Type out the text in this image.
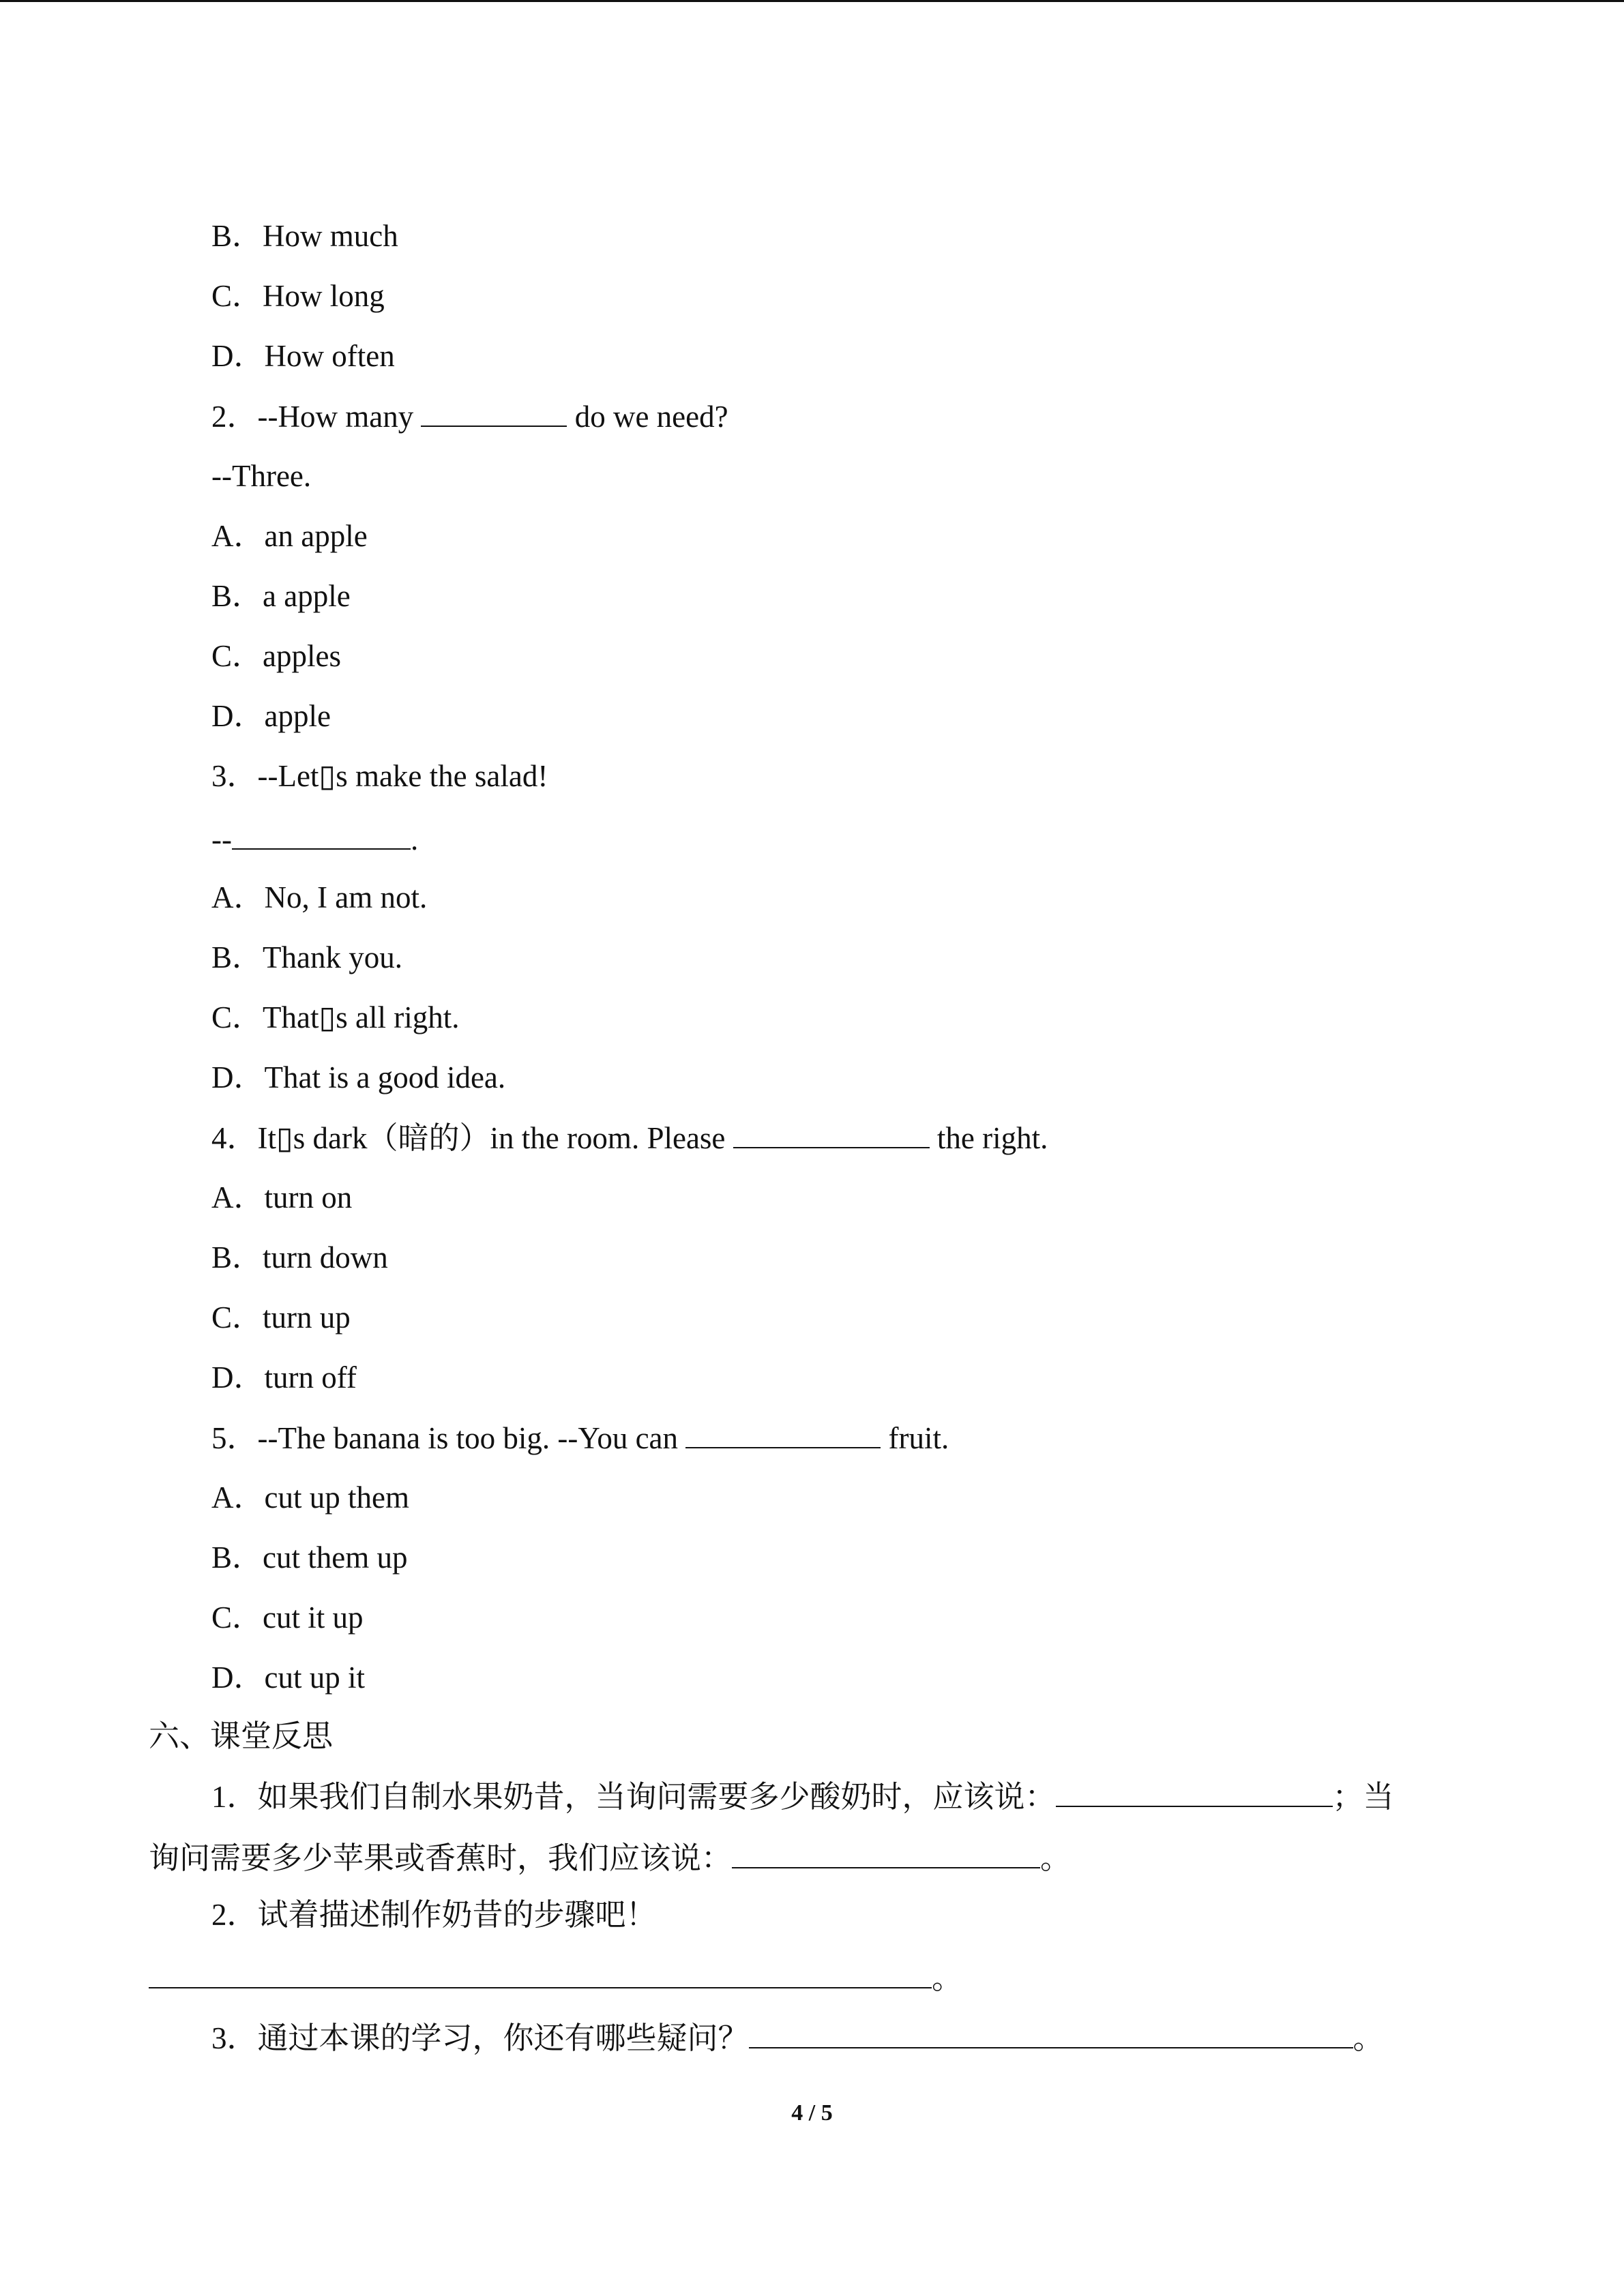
B．How much
C．How long
D．How often
2．--How many	do we need?
--Three.
A．an apple
B．a apple
C．apples
D．apple
3．--Let▯s make the salad!
--	.
A．No, I am not.
B．Thank you.
C．That▯s all right.
D．That is a good idea.
4．It▯s dark（暗的）in the room. Please	the right.
A．turn on
B．turn down
C．turn up
D．turn off
5．--The banana is too big. --You can	fruit.
A．cut up them
B．cut them up
C．cut it up
D．cut up it
六、课堂反思
1．如果我们自制水果奶昔，当询问需要多少酸奶时，应该说：	；当
询问需要多少苹果或香蕉时，我们应该说：	。
2．试着描述制作奶昔的步骤吧！
。
3．通过本课的学习，你还有哪些疑问？	。
4 / 5
